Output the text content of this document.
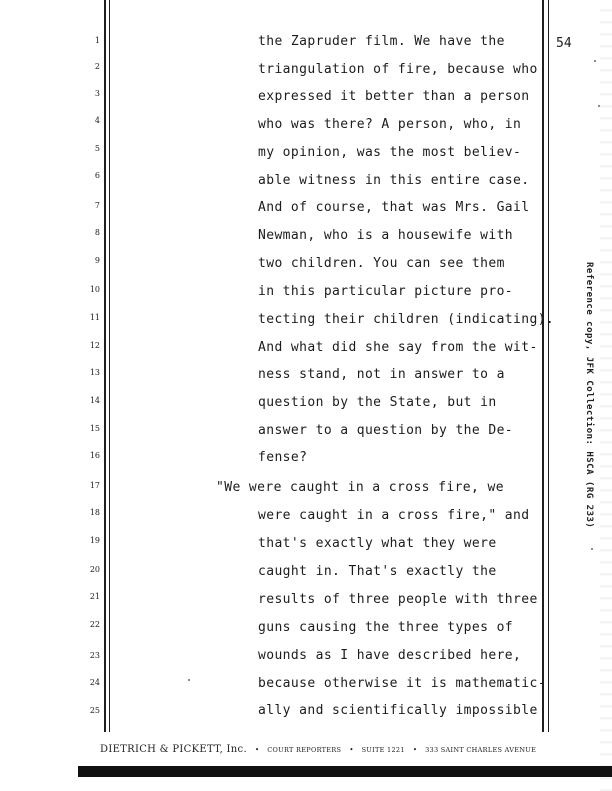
1
2
3
4
5
6
7
8
9
10
11
12
13
14
15
16
17
18
19
20
21
22
23
24
25
54
the Zapruder film. We have the
triangulation of fire, because who
expressed it better than a person
who was there? A person, who, in
my opinion, was the most believ-
able witness in this entire case.
And of course, that was Mrs. Gail
Newman, who is a housewife with
two children. You can see them
in this particular picture pro-
tecting their children (indicating).
And what did she say from the wit-
ness stand, not in answer to a
question by the State, but in
answer to a question by the De-
fense?
"We were caught in a cross fire, we
were caught in a cross fire," and
that's exactly what they were
caught in. That's exactly the
results of three people with three
guns causing the three types of
wounds as I have described here,
because otherwise it is mathematic-
ally and scientifically impossible
Reference copy, JFK Collection: HSCA (RG 233)
DIETRICH & PICKETT, Inc. • COURT REPORTERS • SUITE 1221 • 333 SAINT CHARLES AVENUE
